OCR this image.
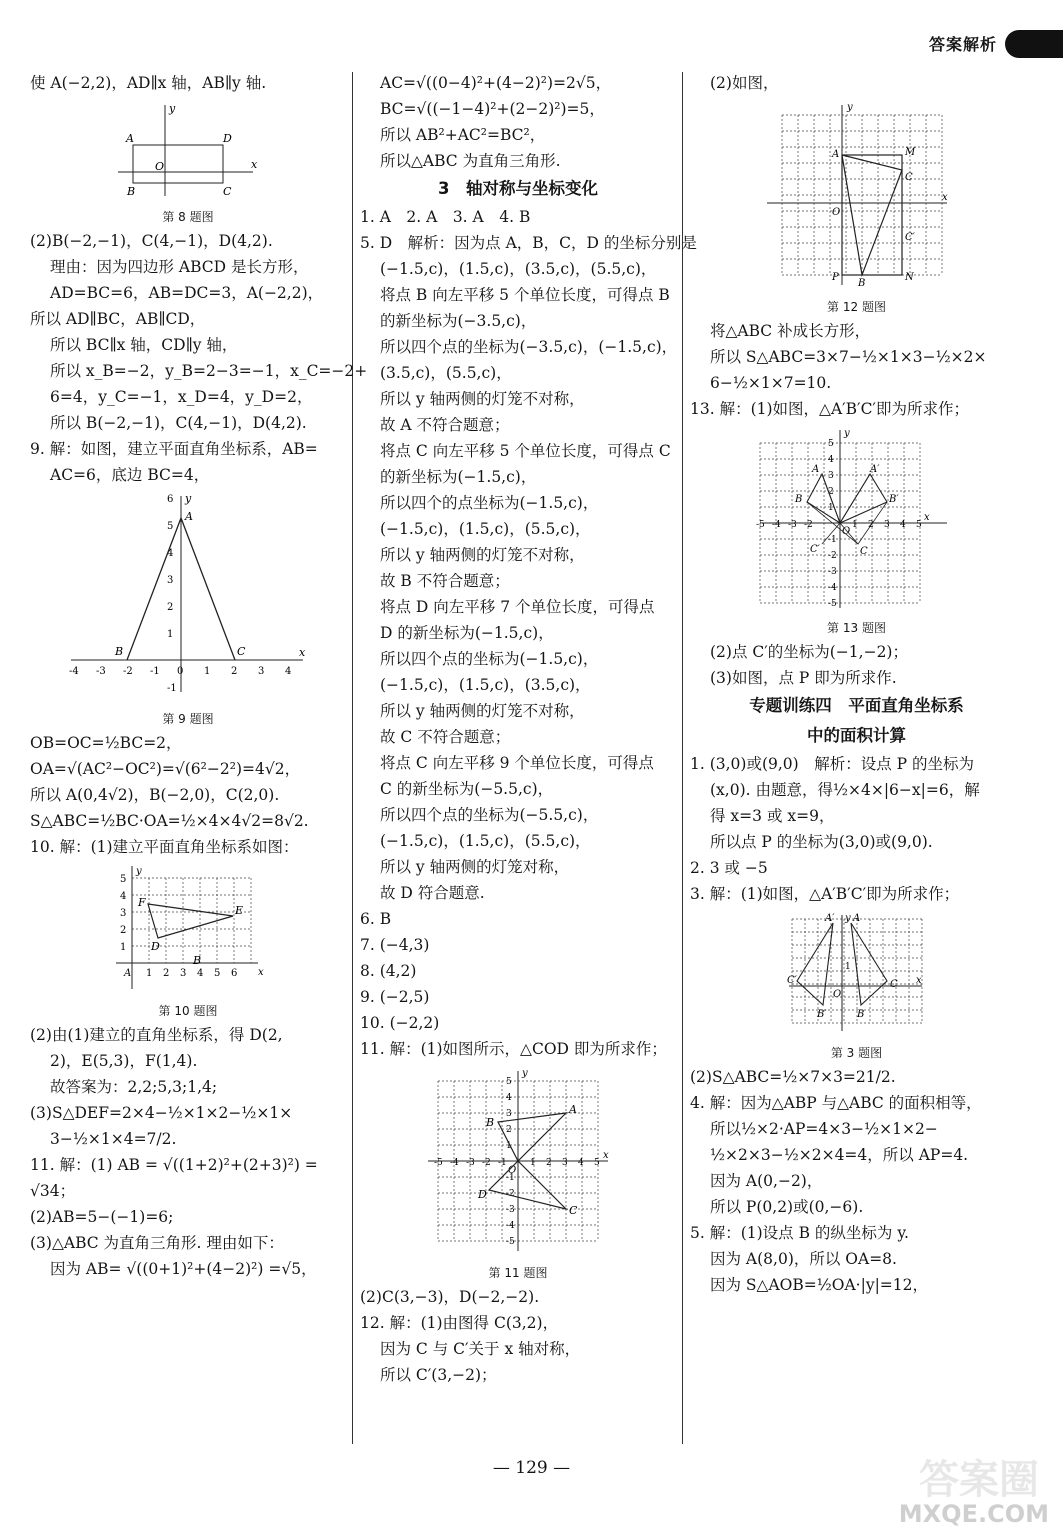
答案解析
使 A(−2,2)，AD∥x 轴，AB∥y 轴.
A	D
O
B	C
x
y
第 8 题图
(2)B(−2,−1)，C(4,−1)，D(4,2).
理由：因为四边形 ABCD 是长方形，
AD=BC=6，AB=DC=3，A(−2,2)，
所以 AD∥BC，AB∥CD，
所以 BC∥x 轴，CD∥y 轴，
所以 x_B=−2，y_B=2−3=−1，x_C=−2+
6=4，y_C=−1，x_D=4，y_D=2，
所以 B(−2,−1)，C(4,−1)，D(4,2).
9. 解：如图，建立平面直角坐标系，AB=
AC=6，底边 BC=4，
-4 -3 -2 -1 0 1 2 3 4
6
5
4
3
2
1
-1
A
B	C	x
y
第 9 题图
OB=OC=½BC=2，
OA=√(AC²−OC²)=√(6²−2²)=4√2，
所以 A(0,4√2)，B(−2,0)，C(2,0).
S△ABC=½BC·OA=½×4×4√2=8√2.
10. 解：(1)建立平面直角坐标系如图：
1 2 3 4 5 6
5
4
3
2
1
A	x
y
F
E
D
B
第 10 题图
(2)由(1)建立的直角坐标系，得 D(2,
2)，E(5,3)，F(1,4).
故答案为：2,2;5,3;1,4;
(3)S△DEF=2×4−½×1×2−½×1×
3−½×1×4=7/2.
11. 解：(1) AB = √((1+2)²+(2+3)²) =
√34；
(2)AB=5−(−1)=6;
(3)△ABC 为直角三角形. 理由如下：
因为 AB= √((0+1)²+(4−2)²) =√5，
AC=√((0−4)²+(4−2)²)=2√5，
BC=√((−1−4)²+(2−2)²)=5，
所以 AB²+AC²=BC²，
所以△ABC 为直角三角形.
3　轴对称与坐标变化
1. A　2. A　3. A　4. B
5. D　解析：因为点 A，B，C，D 的坐标分别是
(−1.5,c)，(1.5,c)，(3.5,c)，(5.5,c)，
将点 B 向左平移 5 个单位长度，可得点 B
的新坐标为(−3.5,c)，
所以四个点的坐标为(−3.5,c)，(−1.5,c)，
(3.5,c)，(5.5,c)，
所以 y 轴两侧的灯笼不对称，
故 A 不符合题意；
将点 C 向左平移 5 个单位长度，可得点 C
的新坐标为(−1.5,c)，
所以四个的点坐标为(−1.5,c)，
(−1.5,c)，(1.5,c)，(5.5,c)，
所以 y 轴两侧的灯笼不对称，
故 B 不符合题意；
将点 D 向左平移 7 个单位长度，可得点
D 的新坐标为(−1.5,c)，
所以四个点的坐标为(−1.5,c)，
(−1.5,c)，(1.5,c)，(3.5,c)，
所以 y 轴两侧的灯笼不对称，
故 C 不符合题意；
将点 C 向左平移 9 个单位长度，可得点
C 的新坐标为(−5.5,c)，
所以四个点的坐标为(−5.5,c)，
(−1.5,c)，(1.5,c)，(5.5,c)，
所以 y 轴两侧的灯笼对称，
故 D 符合题意.
6. B
7. (−4,3)
8. (4,2)
9. (−2,5)
10. (−2,2)
11. 解：(1)如图所示，△COD 即为所求作；
-5 -4 -3 -2 -1	1 2 3 4 5
5
4
3
2
1
-1
-2
-3
-4
-5
O
x
y
A
B
C
D
第 11 题图
(2)C(3,−3)，D(−2,−2).
12. 解：(1)由图得 C(3,2)，
因为 C 与 C′关于 x 轴对称，
所以 C′(3,−2)；
(2)如图，
A	M
C
O
C′
P
B
N
x
y
第 12 题图
将△ABC 补成长方形，
所以 S△ABC=3×7−½×1×3−½×2×
6−½×1×7=10.
13. 解：(1)如图，△A′B′C′即为所求作；
-5 -4 -3 -2	1 2 3 4 5
5
4
3
2
1
-1
-2
-3
-4
-5
O
x
y
A	A′
B	B′
C
C′
第 13 题图
(2)点 C′的坐标为(−1,−2)；
(3)如图，点 P 即为所求作.
专题训练四　平面直角坐标系
中的面积计算
1. (3,0)或(9,0)　解析：设点 P 的坐标为
(x,0). 由题意，得½×4×|6−x|=6，解
得 x=3 或 x=9，
所以点 P 的坐标为(3,0)或(9,0).
2. 3 或 −5
3. 解：(1)如图，△A′B′C′即为所求作；
A′ A
C′
O
C
B′	B
1
x
y
第 3 题图
(2)S△ABC=½×7×3=21/2.
4. 解：因为△ABP 与△ABC 的面积相等，
所以½×2·AP=4×3−½×1×2−
½×2×3−½×2×4=4，所以 AP=4.
因为 A(0,−2)，
所以 P(0,2)或(0,−6).
5. 解：(1)设点 B 的纵坐标为 y.
因为 A(8,0)，所以 OA=8.
因为 S△AOB=½OA·|y|=12，
— 129 —	答案圈
MXQE.COM
